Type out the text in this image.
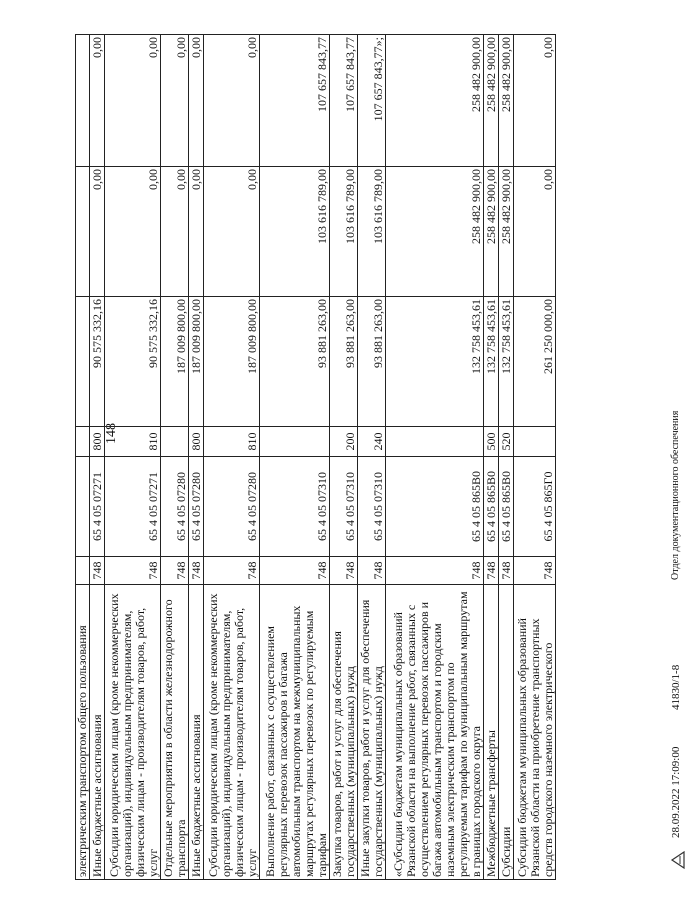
148
электрическим транспортом общего пользования						
Иные бюджетные ассигнования	748	65 4 05 07271	800	90 575 332,16	0,00	0,00
Субсидии юридическим лицам (кроме некоммерческих организаций), индивидуальным предпринимателям, физическим лицам - производителям товаров, работ, услуг	748	65 4 05 07271	810	90 575 332,16	0,00	0,00
Отдельные мероприятия в области железнодорожного транспорта	748	65 4 05 07280		187 009 800,00	0,00	0,00
Иные бюджетные ассигнования	748	65 4 05 07280	800	187 009 800,00	0,00	0,00
Субсидии юридическим лицам (кроме некоммерческих организаций), индивидуальным предпринимателям, физическим лицам - производителям товаров, работ, услуг	748	65 4 05 07280	810	187 009 800,00	0,00	0,00
Выполнение работ, связанных с осуществлением регулярных перевозок пассажиров и багажа автомобильным транспортом на межмуниципальных маршрутах регулярных перевозок по регулируемым тарифам	748	65 4 05 07310		93 881 263,00	103 616 789,00	107 657 843,77
Закупка товаров, работ и услуг для обеспечения государственных (муниципальных) нужд	748	65 4 05 07310	200	93 881 263,00	103 616 789,00	107 657 843,77
Иные закупки товаров, работ и услуг для обеспечения государственных (муниципальных) нужд	748	65 4 05 07310	240	93 881 263,00	103 616 789,00	107 657 843,77»;
«Субсидии бюджетам муниципальных образований Рязанской области на выполнение работ, связанных с осуществлением регулярных перевозок пассажиров и багажа автомобильным транспортом и городским наземным электрическим транспортом по регулируемым тарифам по муниципальным маршрутам в границах городского округа	748	65 4 05 865В0		132 758 453,61	258 482 900,00	258 482 900,00
Межбюджетные трансферты	748	65 4 05 865В0	500	132 758 453,61	258 482 900,00	258 482 900,00
Субсидии	748	65 4 05 865В0	520	132 758 453,61	258 482 900,00	258 482 900,00
Субсидии бюджетам муниципальных образований Рязанской области на приобретение транспортных средств городского наземного электрического	748	65 4 05 865Г0		261 250 000,00	0,00	0,00
28.09.2022 17:09:00
41830/1-8
Отдел документационного обеспечения
